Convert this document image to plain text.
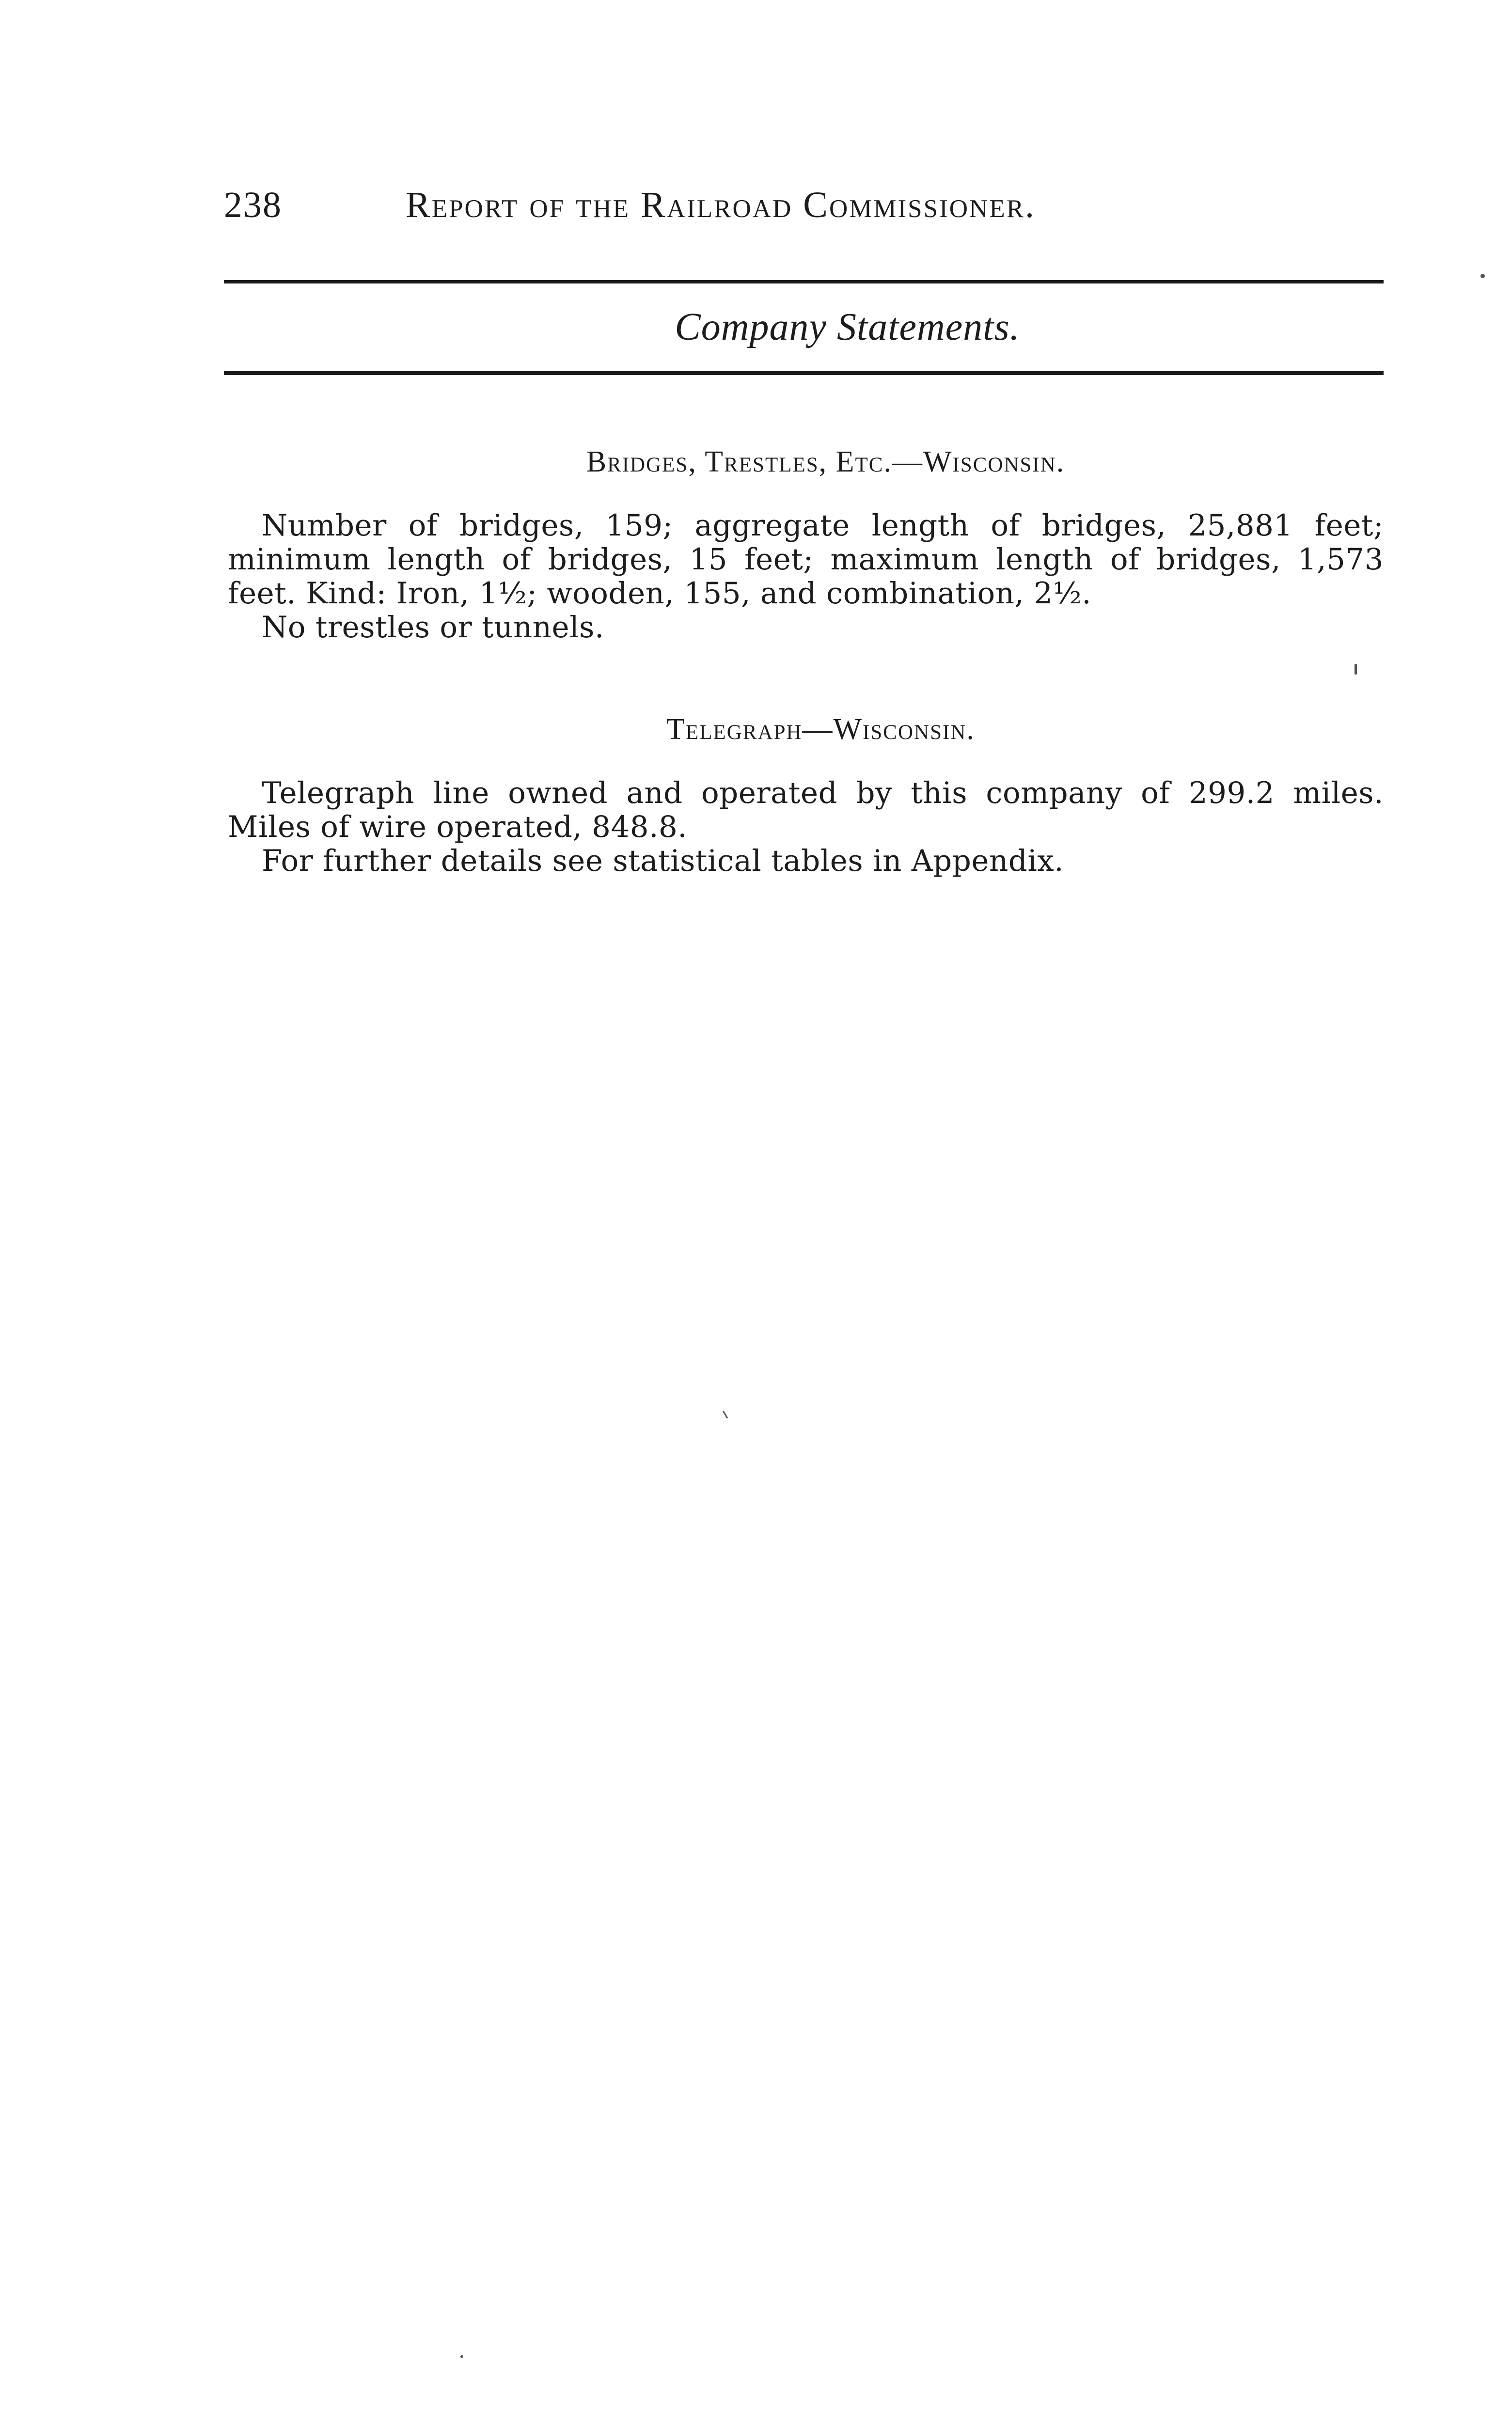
238	Report of the Railroad Commissioner.
Company Statements.
Bridges, Trestles, Etc.—Wisconsin.

Number of bridges, 159; aggregate length of bridges, 25,881 feet; minimum length of bridges, 15 feet; maximum length of bridges, 1,573 feet. Kind: Iron, 1½; wooden, 155, and combination, 2½.

No trestles or tunnels.

Telegraph—Wisconsin.

Telegraph line owned and operated by this company of 299.2 miles. Miles of wire operated, 848.8.

For further details see statistical tables in Appendix.
